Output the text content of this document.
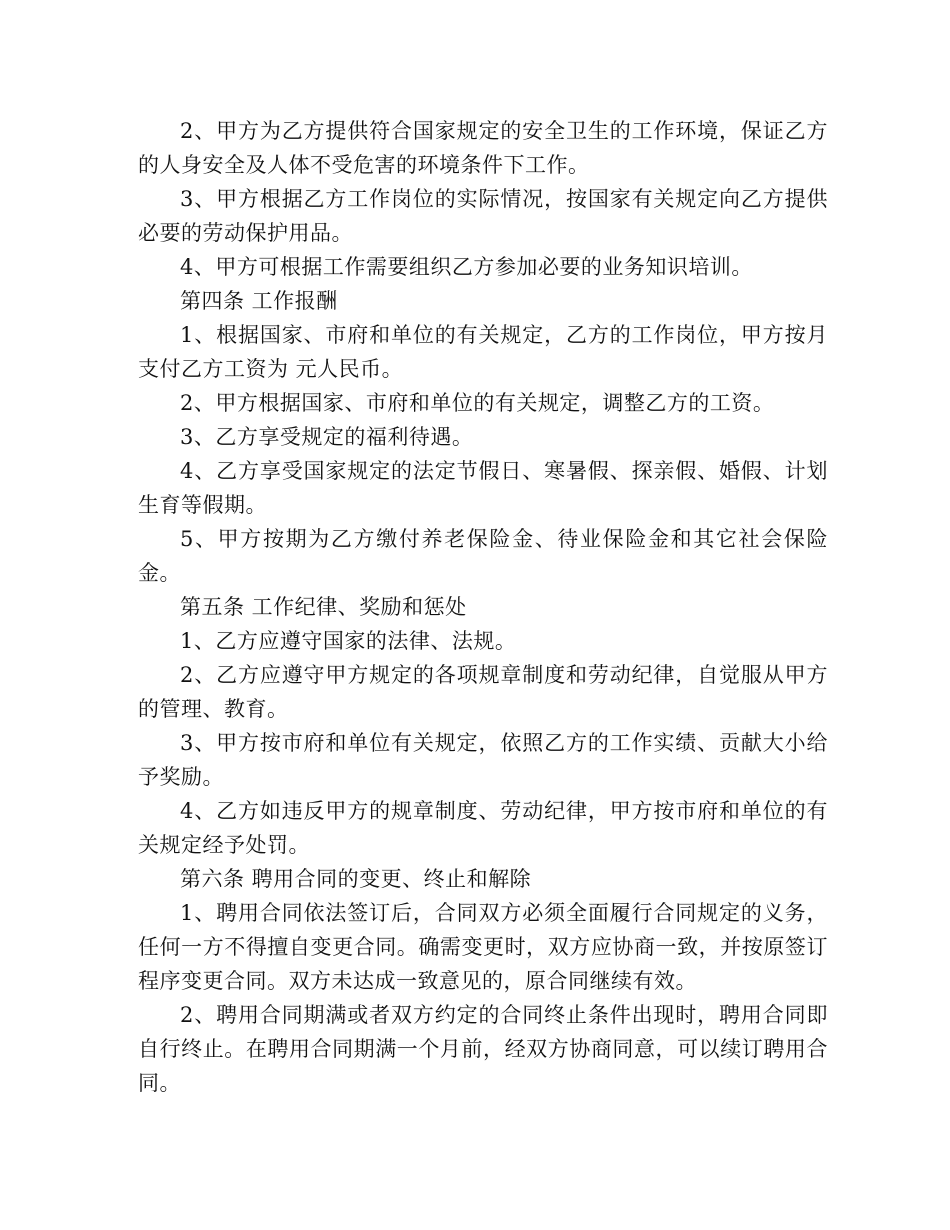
2、甲方为乙方提供符合国家规定的安全卫生的工作环境，保证乙方的人身安全及人体不受危害的环境条件下工作。

3、甲方根据乙方工作岗位的实际情况，按国家有关规定向乙方提供必要的劳动保护用品。

4、甲方可根据工作需要组织乙方参加必要的业务知识培训。

第四条 工作报酬

1、根据国家、市府和单位的有关规定，乙方的工作岗位，甲方按月支付乙方工资为 元人民币。

2、甲方根据国家、市府和单位的有关规定，调整乙方的工资。

3、乙方享受规定的福利待遇。

4、乙方享受国家规定的法定节假日、寒暑假、探亲假、婚假、计划生育等假期。

5、甲方按期为乙方缴付养老保险金、待业保险金和其它社会保险金。

第五条 工作纪律、奖励和惩处

1、乙方应遵守国家的法律、法规。

2、乙方应遵守甲方规定的各项规章制度和劳动纪律，自觉服从甲方的管理、教育。

3、甲方按市府和单位有关规定，依照乙方的工作实绩、贡献大小给予奖励。

4、乙方如违反甲方的规章制度、劳动纪律，甲方按市府和单位的有关规定经予处罚。

第六条 聘用合同的变更、终止和解除

1、聘用合同依法签订后，合同双方必须全面履行合同规定的义务，任何一方不得擅自变更合同。确需变更时，双方应协商一致，并按原签订程序变更合同。双方未达成一致意见的，原合同继续有效。

2、聘用合同期满或者双方约定的合同终止条件出现时，聘用合同即自行终止。在聘用合同期满一个月前，经双方协商同意，可以续订聘用合同。
